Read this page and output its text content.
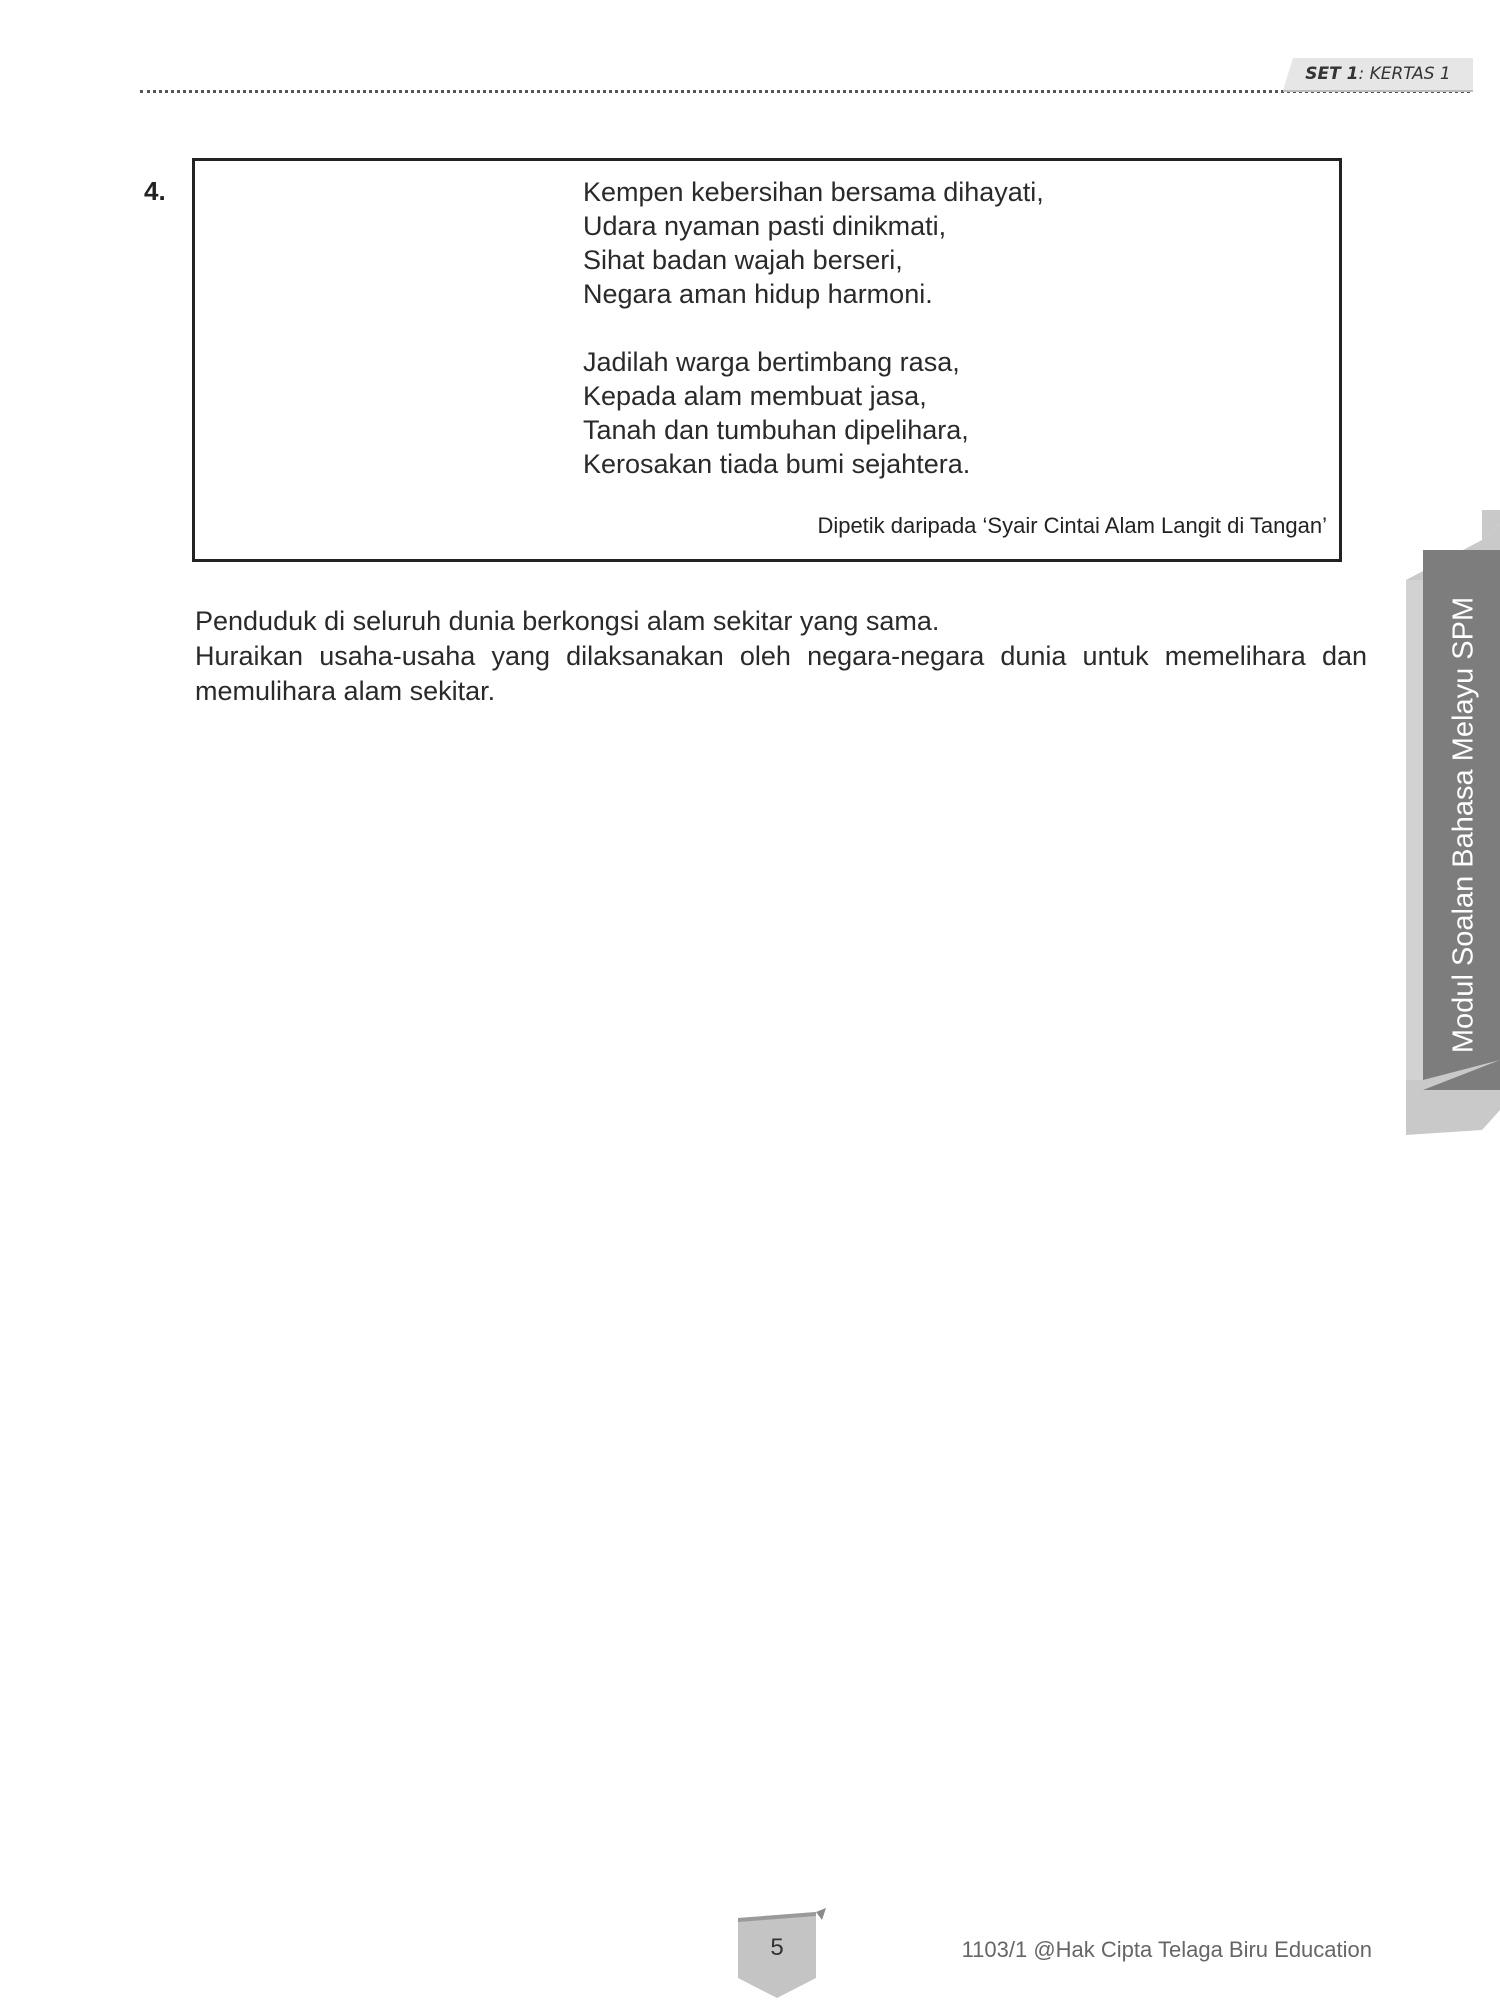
SET 1: KERTAS 1
4.	Kempen kebersihan bersama dihayati,
Udara nyaman pasti dinikmati,
Sihat badan wajah berseri,
Negara aman hidup harmoni.
Jadilah warga bertimbang rasa,
Kepada alam membuat jasa,
Tanah dan tumbuhan dipelihara,
Kerosakan tiada bumi sejahtera.
Dipetik daripada ‘Syair Cintai Alam Langit di Tangan’

Penduduk di seluruh dunia berkongsi alam sekitar yang sama.

Huraikan usaha-usaha yang dilaksanakan oleh negara-negara dunia untuk memelihara dan memulihara alam sekitar.	Modul Soalan Bahasa Melayu SPM
5	1103/1 @Hak Cipta Telaga Biru Education
